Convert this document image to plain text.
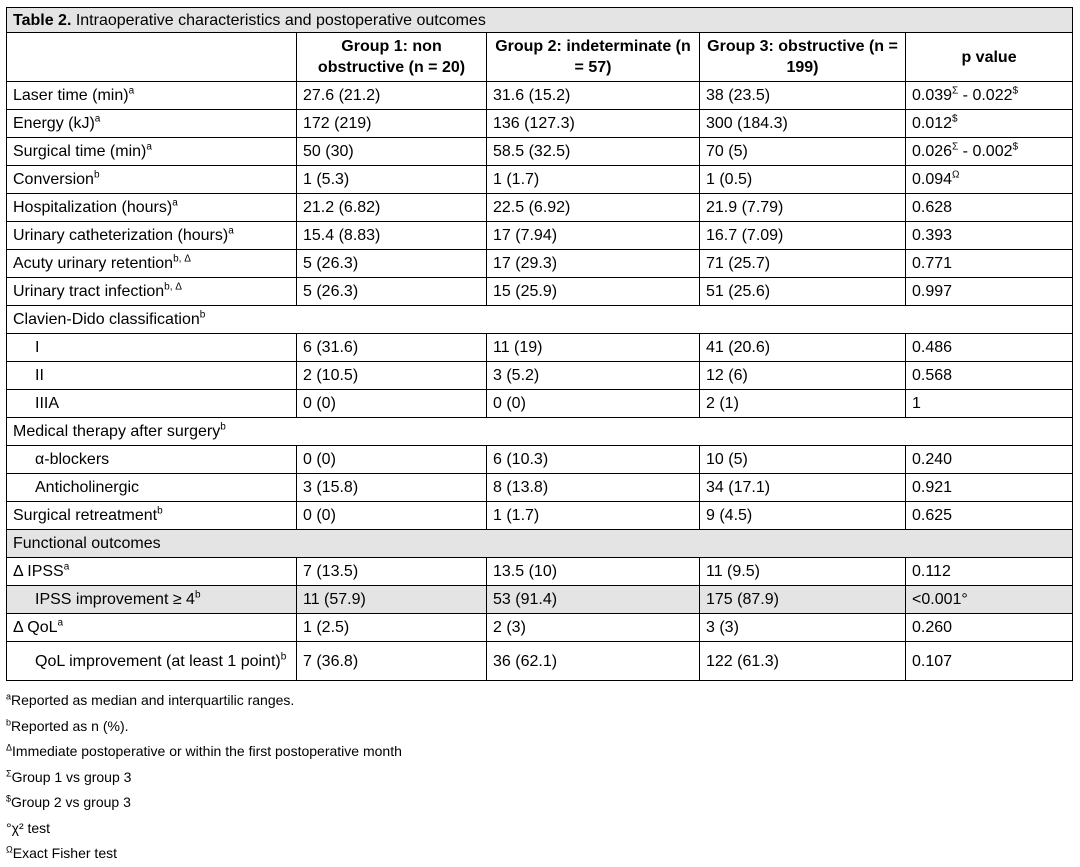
Table 2. Intraoperative characteristics and postoperative outcomes				
	Group 1: non obstructive (n = 20)	Group 2: indeterminate (n = 57)	Group 3: obstructive (n = 199)	p value
Laser time $(\min)^a$	27.6 (21.2)	31.6 (15.2)	38 (23.5)	$0.039^\Sigma - 0.022^{\$}$
Energy (kJ)$^a$	172 (219)	136 (127.3)	300 (184.3)	0.012$
Surgical time $(\min)^a$	50 (30)	58.5 (32.5)	70 (5)	$0.026^\Sigma - 0.002^{\$}$
Conversion$^b$	1 (5.3)	1 (1.7)	1 (0.5)	$0.094^\Omega$
Hospitalization (hours)$^a$	21.2 (6.82)	22.5 (6.92)	21.9 (7.79)	0.628
Urinary catheterization (hours)$^a$	15.4 (8.83)	17 (7.94)	16.7 (7.09)	0.393
Acuty urinary retention$^{b, \Delta}$	5 (26.3)	17 (29.3)	71 (25.7)	0.771
Urinary tract infection$^{b, \Delta}$	5 (26.3)	15 (25.9)	51 (25.6)	0.997
Clavien-Dido classification$^b$
I	6 (31.6)	11 (19)	41 (20.6)	0.486
II	2 (10.5)	3 (5.2)	12 (6)	0.568
IIIA	0 (0)	0 (0)	2 (1)	1
Medical therapy after surgery$^b$
α-blockers	0 (0)	6 (10.3)	10 (5)	0.240
Anticholinergic	3 (15.8)	8 (13.8)	34 (17.1)	0.921
Surgical retreatment$^b$	0 (0)	1 (1.7)	9 (4.5)	0.625
Functional outcomes				
Δ IPSS$^a$	7 (13.5)	13.5 (10)	11 (9.5)	0.112
IPSS improvement ≥ $4^b$	11 (57.9)	53 (91.4)	175 (87.9)	<0.001°
Δ QoL$^a$	1 (2.5)	2 (3)	3 (3)	0.260
QoL improvement (at least 1 point)$^b$	7 (36.8)	36 (62.1)	122 (61.3)	0.107
$^a$Reported as median and interquartilic ranges.
$^b$Reported as n (%).
$^\Delta$Immediate postoperative or within the first postoperative month
$^\Sigma$Group 1 vs group 3
$Group 2 vs group 3
°χ² test
$^\Omega$Exact Fisher test
